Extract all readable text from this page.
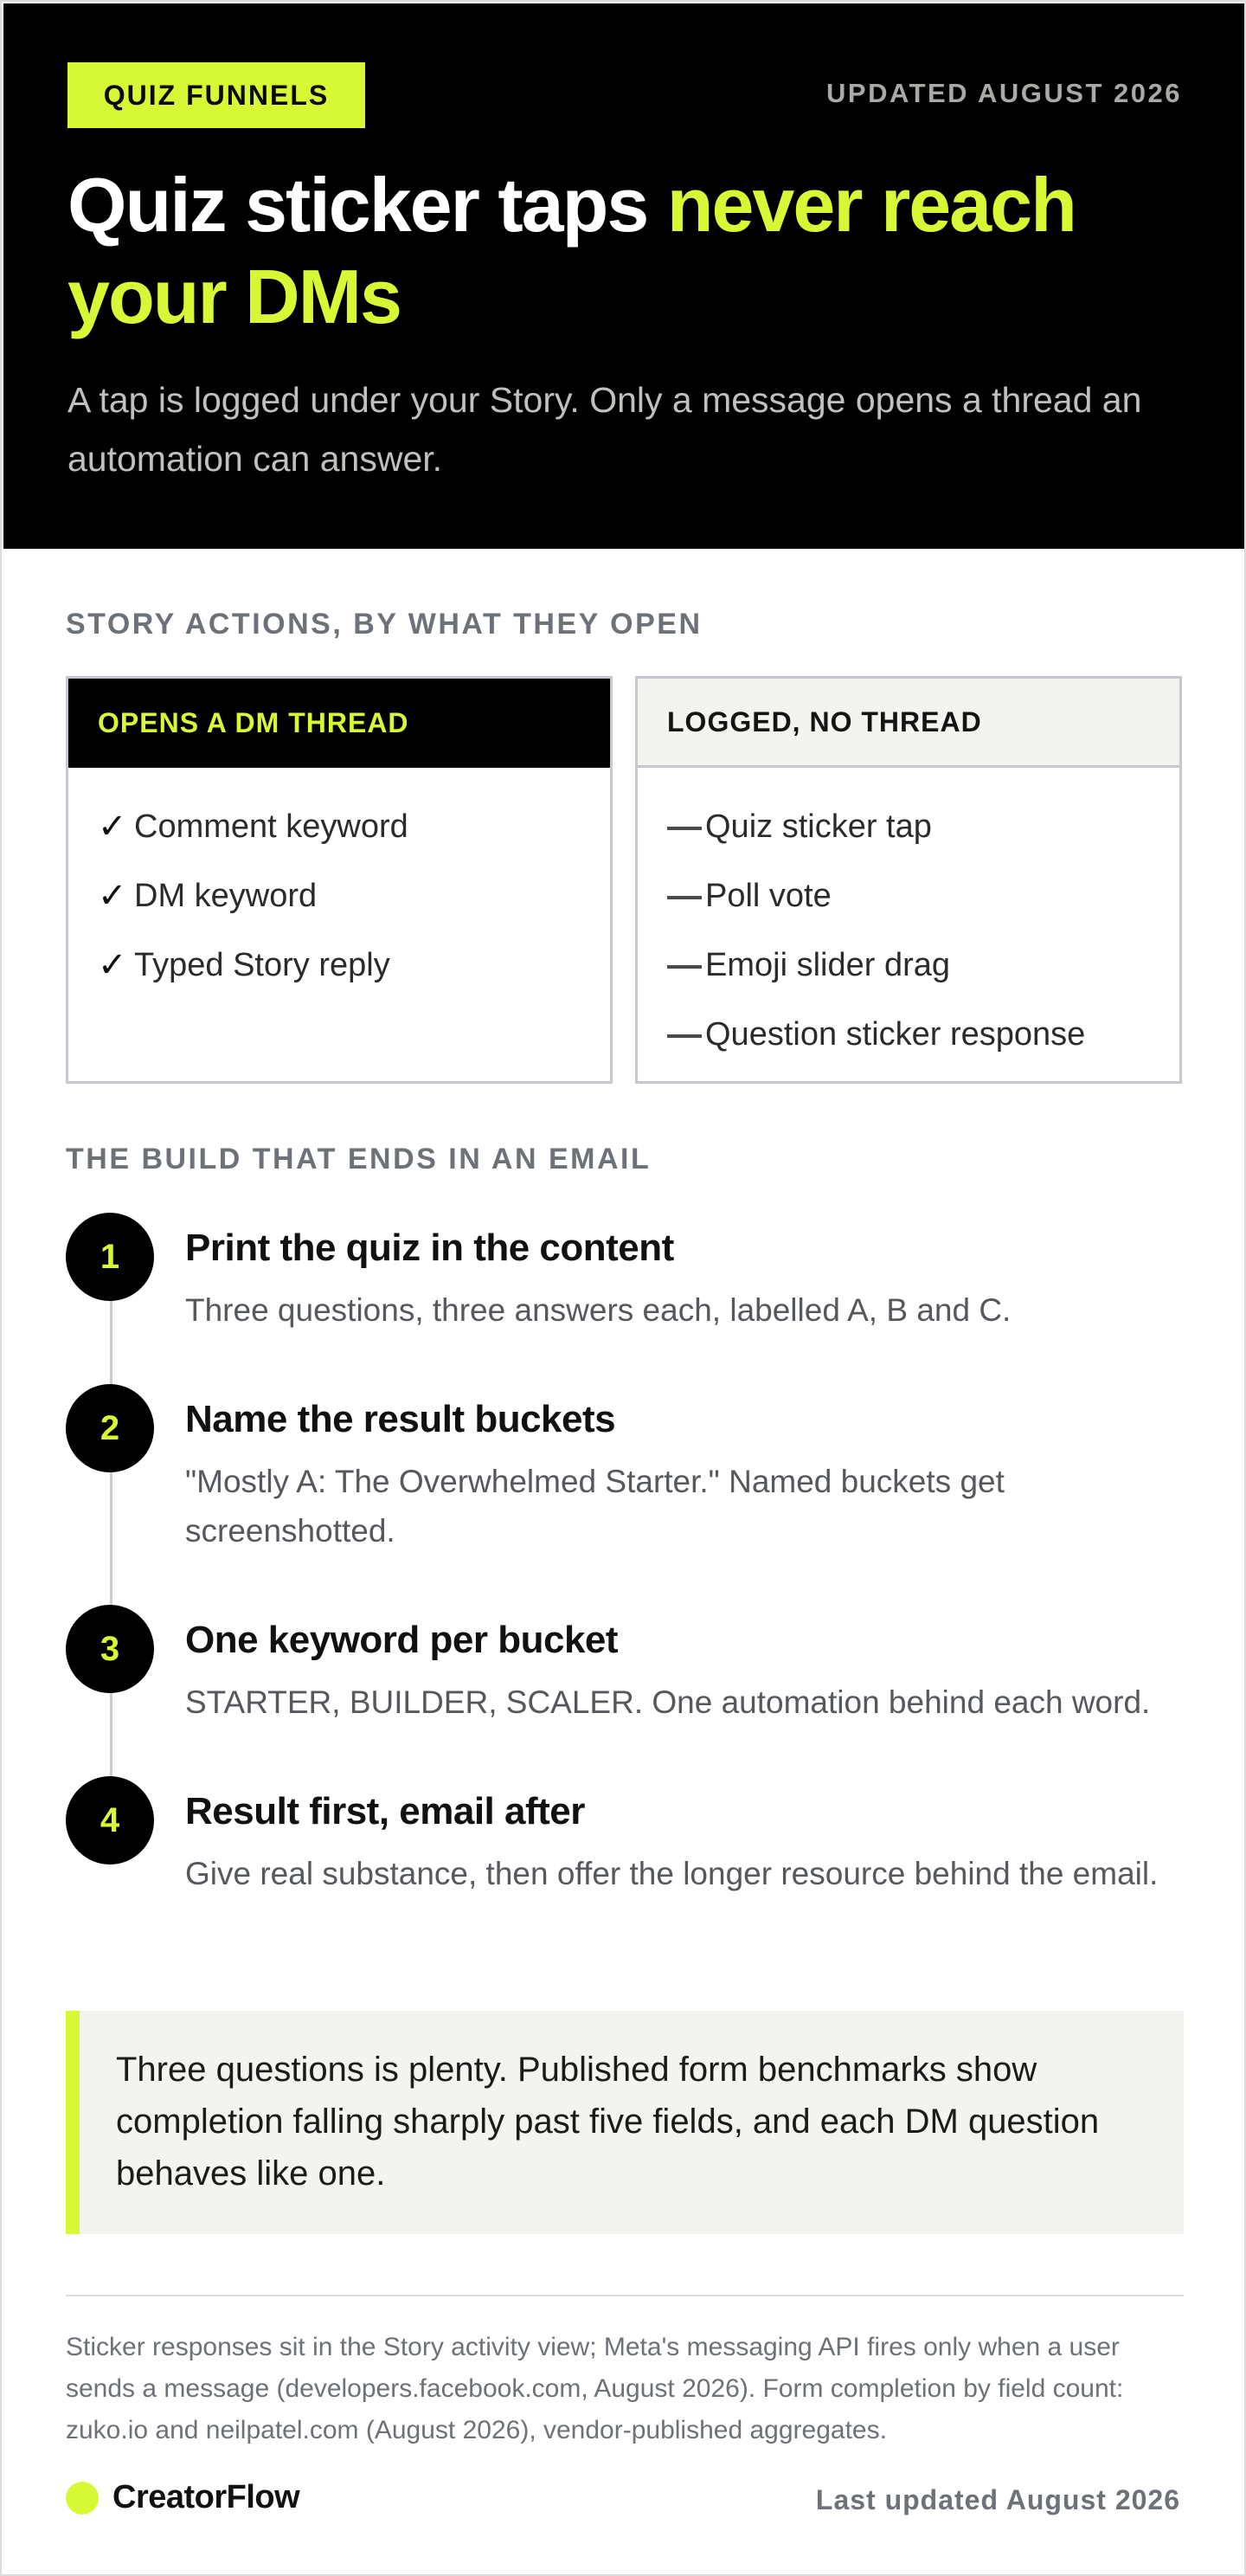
QUIZ FUNNELS	UPDATED AUGUST 2026
Quiz sticker taps never reach your DMs

A tap is logged under your Story. Only a message opens a thread an automation can answer.

STORY ACTIONS, BY WHAT THEY OPEN
OPENS A DM THREAD
✓ Comment keyword
✓ DM keyword
✓ Typed Story reply
LOGGED, NO THREAD
Quiz sticker tap
Poll vote
Emoji slider drag
Question sticker response
THE BUILD THAT ENDS IN AN EMAIL
1	Print the quiz in the content
Three questions, three answers each, labelled A, B and C.
2	Name the result buckets
"Mostly A: The Overwhelmed Starter." Named buckets get screenshotted.
3	One keyword per bucket
STARTER, BUILDER, SCALER. One automation behind each word.
4	Result first, email after
Give real substance, then offer the longer resource behind the email.

Three questions is plenty. Published form benchmarks show completion falling sharply past five fields, and each DM question behaves like one.

Sticker responses sit in the Story activity view; Meta's messaging API fires only when a user sends a message (developers.facebook.com, August 2026). Form completion by field count: zuko.io and neilpatel.com (August 2026), vendor-published aggregates.

CreatorFlow	Last updated August 2026
